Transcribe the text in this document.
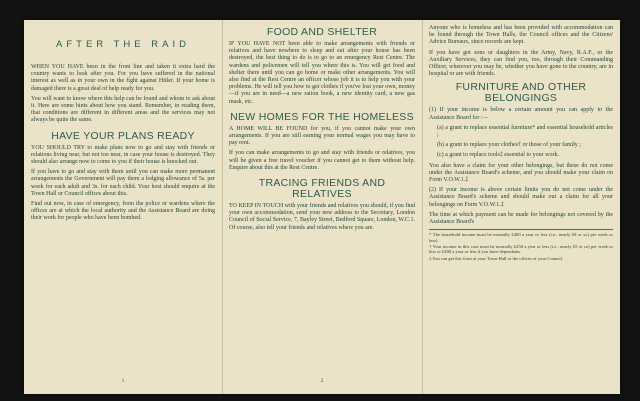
AFTER THE RAID

WHEN YOU HAVE been in the front line and taken it extra hard the country wants to look after you. For you have suffered in the national interest as well as in your own in the fight against Hitler. If your home is damaged there is a great deal of help ready for you.

You will want to know where this help can be found and whom to ask about it. Here are some hints about how you stand. Remember, in reading them, that conditions are different in different areas and the services may not always be quite the same.

HAVE YOUR PLANS READY

YOU SHOULD TRY to make plans now to go and stay with friends or relations living near, but not too near, in case your house is destroyed. They should also arrange now to come to you if their house is knocked out.

If you have to go and stay with them until you can make more permanent arrangements the Government will pay them a lodging allowance of 5s. per week for each adult and 3s. for each child. Your host should enquire at the Town Hall or Council offices about this.

Find out now, in case of emergency, from the police or wardens where the offices are at which the local authority and the Assistance Board are doing their work for people who have been bombed.

1
FOOD AND SHELTER

IF YOU HAVE NOT been able to make arrangements with friends or relatives and have nowhere to sleep and eat after your house has been destroyed, the best thing to do is to go to an emergency Rest Centre. The wardens and policemen will tell you where this is. You will get food and shelter there until you can go home or make other arrangements. You will also find at the Rest Centre an officer whose job it is to help you with your problems. He will tell you how to get clothes if you've lost your own, money—if you are in need—a new ration book, a new identity card, a new gas mask, etc.

NEW HOMES FOR THE HOMELESS

A HOME WILL BE FOUND for you, if you cannot make your own arrangements. If you are still earning your normal wages you may have to pay rent.

If you can make arrangements to go and stay with friends or relatives, you will be given a free travel voucher if you cannot get to them without help. Enquire about this at the Rest Centre.

TRACING FRIENDS AND RELATIVES

TO KEEP IN TOUCH with your friends and relatives you should, if you find your own accommodation, send your new address to the Secretary, London Council of Social Service, 7, Bayley Street, Bedford Square, London, W.C.1. Of course, also tell your friends and relatives where you are.

2

Anyone who is homeless and has been provided with accommodation can be found through the Town Halls, the Council offices and the Citizens' Advice Bureaux, since records are kept.

If you have got sons or daughters in the Army, Navy, R.A.F., or the Auxiliary Services, they can find you, too, through their Commanding Officer, wherever you may be, whether you have gone to the country, are in hospital or are with friends.

FURNITURE AND OTHER BELONGINGS

(1) If your income is below a certain amount you can apply to the Assistance Board for :—

(a) a grant to replace essential furniture* and essential household articles ;

(b) a grant to replace your clothes† or those of your family ;

(c) a grant to replace tools‡ essential to your work.

You also have a claim for your other belongings, but these do not come under the Assistance Board's scheme, and you should make your claim on Form V.O.W.1.‡

(2) If your income is above certain limits you do not come under the Assistance Board's scheme and should make out a claim for all your belongings on Form V.O.W.1.‡

The time at which payment can be made for belongings not covered by the Assistance Board's

* The household income must be normally £400 a year or less (i.e., nearly £8 or so) per week or less).

† Your income in this case must be normally £250 a year or less (i.e., nearly £5 or so) per week or less or £400 a year or less if you have dependants.

‡ You can get this form at your Town Hall or the offices of your Council.
